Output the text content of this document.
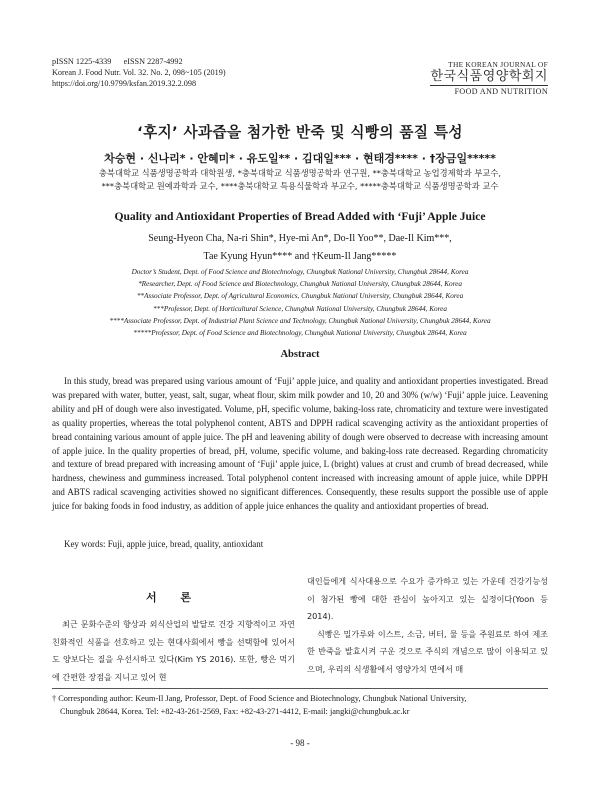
pISSN 1225-4339      eISSN 2287-4992
Korean J. Food Nutr. Vol. 32. No. 2, 098~105 (2019)
https://doi.org/10.9799/ksfan.2019.32.2.098
THE KOREAN JOURNAL OF
한국식품영양학회지
FOOD AND NUTRITION
‘후지’ 사과즙을 첨가한 반죽 및 식빵의 품질 특성
차승현 · 신나리* · 안혜미* · 유도일** · 김대일*** · 현태경**** · †장금일*****
충북대학교 식품생명공학과 대학원생, *충북대학교 식품생명공학과 연구원, **충북대학교 농업경제학과 부교수,
***충북대학교 원예과학과 교수, ****충북대학교 특용식물학과 부교수, *****충북대학교 식품생명공학과 교수
Quality and Antioxidant Properties of Bread Added with ‘Fuji’ Apple Juice
Seung-Hyeon Cha, Na-ri Shin*, Hye-mi An*, Do-Il Yoo**, Dae-Il Kim***,
Tae Kyung Hyun**** and †Keum-Il Jang*****
Doctor’s Student, Dept. of Food Science and Biotechnology, Chungbuk National University, Chungbuk 28644, Korea
*Researcher, Dept. of Food Science and Biotechnology, Chungbuk National University, Chungbuk 28644, Korea
**Associate Professor, Dept. of Agricultural Economics, Chungbuk National University, Chungbuk 28644, Korea
***Professor, Dept. of Horticultural Science, Chungbuk National University, Chungbuk 28644, Korea
****Associate Professor, Dept. of Industrial Plant Science and Technology, Chungbuk National University, Chungbuk 28644, Korea
*****Professor, Dept. of Food Science and Biotechnology, Chungbuk National University, Chungbuk 28644, Korea
Abstract

In this study, bread was prepared using various amount of ‘Fuji’ apple juice, and quality and antioxidant properties investigated. Bread was prepared with water, butter, yeast, salt, sugar, wheat flour, skim milk powder and 10, 20 and 30% (w/w) ‘Fuji’ apple juice. Leavening ability and pH of dough were also investigated. Volume, pH, specific volume, baking-loss rate, chromaticity and texture were investigated as quality properties, whereas the total polyphenol content, ABTS and DPPH radical scavenging activity as the antioxidant properties of bread containing various amount of apple juice. The pH and leavening ability of dough were observed to decrease with increasing amount of apple juice. In the quality properties of bread, pH, volume, specific volume, and baking-loss rate decreased. Regarding chromaticity and texture of bread prepared with increasing amount of ‘Fuji’ apple juice, L (bright) values at crust and crumb of bread decreased, while hardness, chewiness and gumminess increased. Total polyphenol content increased with increasing amount of apple juice, while DPPH and ABTS radical scavenging activities showed no significant differences. Consequently, these results support the possible use of apple juice for baking foods in food industry, as addition of apple juice enhances the quality and antioxidant properties of bread.

Key words: Fuji, apple juice, bread, quality, antioxidant
서 론

최근 문화수준의 향상과 외식산업의 발달로 건강 지향적이고 자연 친화적인 식품을 선호하고 있는 현대사회에서 빵을 선택함에 있어서도 양보다는 질을 우선시하고 있다(Kim YS 2016). 또한, 빵은 먹기에 간편한 장점을 지니고 있어 현

대인들에게 식사대용으로 수요가 증가하고 있는 가운데 건강기능성이 첨가된 빵에 대한 관심이 높아지고 있는 실정이다(Yoon 등 2014).
식빵은 밀가루와 이스트, 소금, 버터, 물 등을 주원료로 하여 제조한 반죽을 발효시켜 구운 것으로 주식의 개념으로 많이 이용되고 있으며, 우리의 식생활에서 영양가치 면에서 매
† Corresponding author: Keum-Il Jang, Professor, Dept. of Food Science and Biotechnology, Chungbuk National University,
Chungbuk 28644, Korea. Tel: +82-43-261-2569, Fax: +82-43-271-4412, E-mail: jangki@chungbuk.ac.kr
- 98 -
